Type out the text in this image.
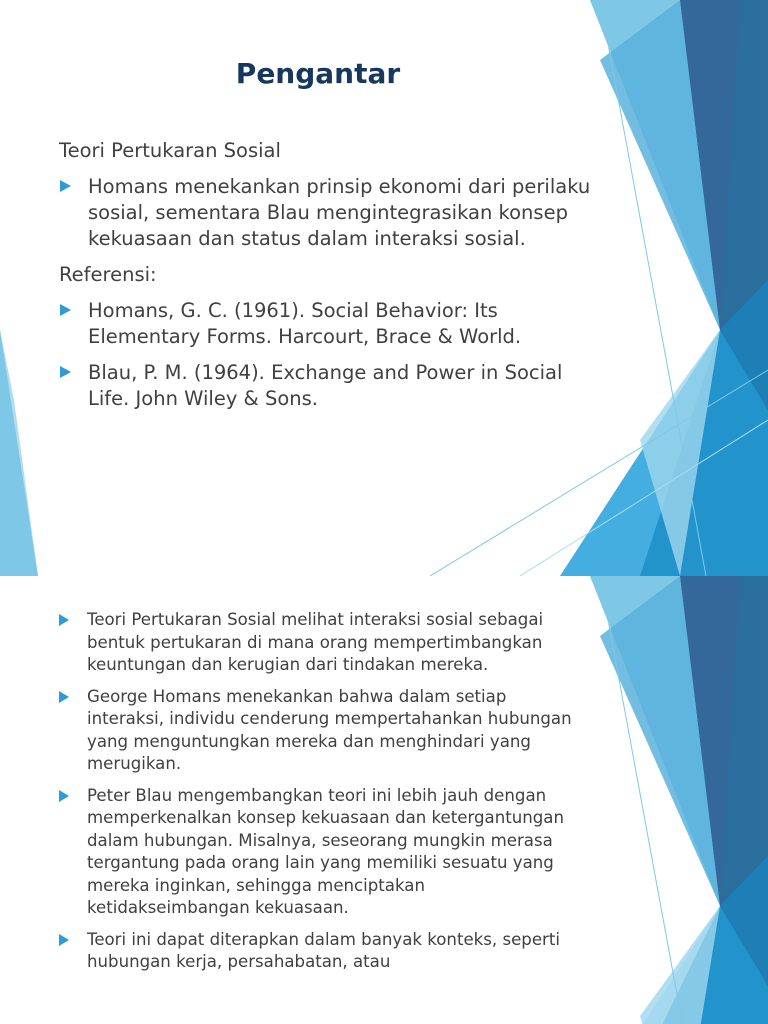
Pengantar

Teori Pertukaran Sosial

Homans menekankan prinsip ekonomi dari perilaku sosial, sementara Blau mengintegrasikan konsep kekuasaan dan status dalam interaksi sosial.

Referensi:

Homans, G. C. (1961). Social Behavior: Its Elementary Forms. Harcourt, Brace & World.
Blau, P. M. (1964). Exchange and Power in Social Life. John Wiley & Sons.
Teori Pertukaran Sosial melihat interaksi sosial sebagai bentuk pertukaran di mana orang mempertimbangkan keuntungan dan kerugian dari tindakan mereka.
George Homans menekankan bahwa dalam setiap interaksi, individu cenderung mempertahankan hubungan yang menguntungkan mereka dan menghindari yang merugikan.
Peter Blau mengembangkan teori ini lebih jauh dengan memperkenalkan konsep kekuasaan dan ketergantungan dalam hubungan. Misalnya, seseorang mungkin merasa tergantung pada orang lain yang memiliki sesuatu yang mereka inginkan, sehingga menciptakan ketidakseimbangan kekuasaan.
Teori ini dapat diterapkan dalam banyak konteks, seperti hubungan kerja, persahabatan, atau
